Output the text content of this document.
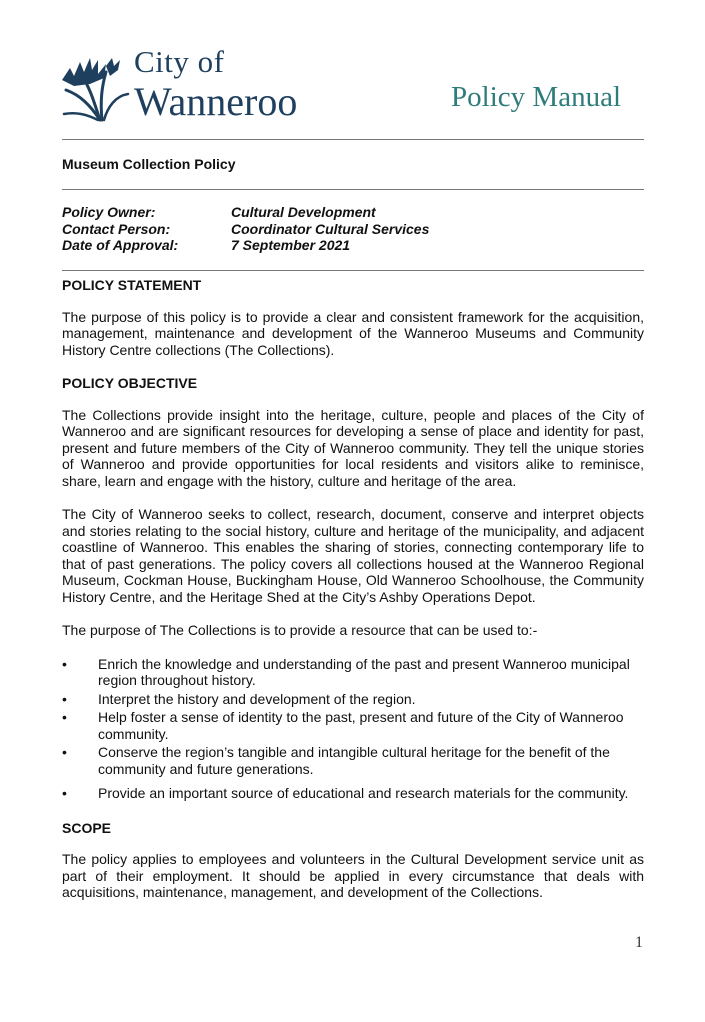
City of
Wanneroo	Policy Manual
Museum Collection Policy
Policy Owner:	Cultural Development
Contact Person:	Coordinator Cultural Services
Date of Approval:	7 September 2021
POLICY STATEMENT

The purpose of this policy is to provide a clear and consistent framework for the acquisition, management, maintenance and development of the Wanneroo Museums and Community History Centre collections (The Collections).

POLICY OBJECTIVE

The Collections provide insight into the heritage, culture, people and places of the City of Wanneroo and are significant resources for developing a sense of place and identity for past, present and future members of the City of Wanneroo community. They tell the unique stories of Wanneroo and provide opportunities for local residents and visitors alike to reminisce, share, learn and engage with the history, culture and heritage of the area.

The City of Wanneroo seeks to collect, research, document, conserve and interpret objects and stories relating to the social history, culture and heritage of the municipality, and adjacent coastline of Wanneroo. This enables the sharing of stories, connecting contemporary life to that of past generations. The policy covers all collections housed at the Wanneroo Regional Museum, Cockman House, Buckingham House, Old Wanneroo Schoolhouse, the Community History Centre, and the Heritage Shed at the City’s Ashby Operations Depot.

The purpose of The Collections is to provide a resource that can be used to:-

• Enrich the knowledge and understanding of the past and present Wanneroo municipal region throughout history.
• Interpret the history and development of the region.
• Help foster a sense of identity to the past, present and future of the City of Wanneroo community.
• Conserve the region’s tangible and intangible cultural heritage for the benefit of the community and future generations.
• Provide an important source of educational and research materials for the community.
SCOPE

The policy applies to employees and volunteers in the Cultural Development service unit as part of their employment. It should be applied in every circumstance that deals with acquisitions, maintenance, management, and development of the Collections.

1
